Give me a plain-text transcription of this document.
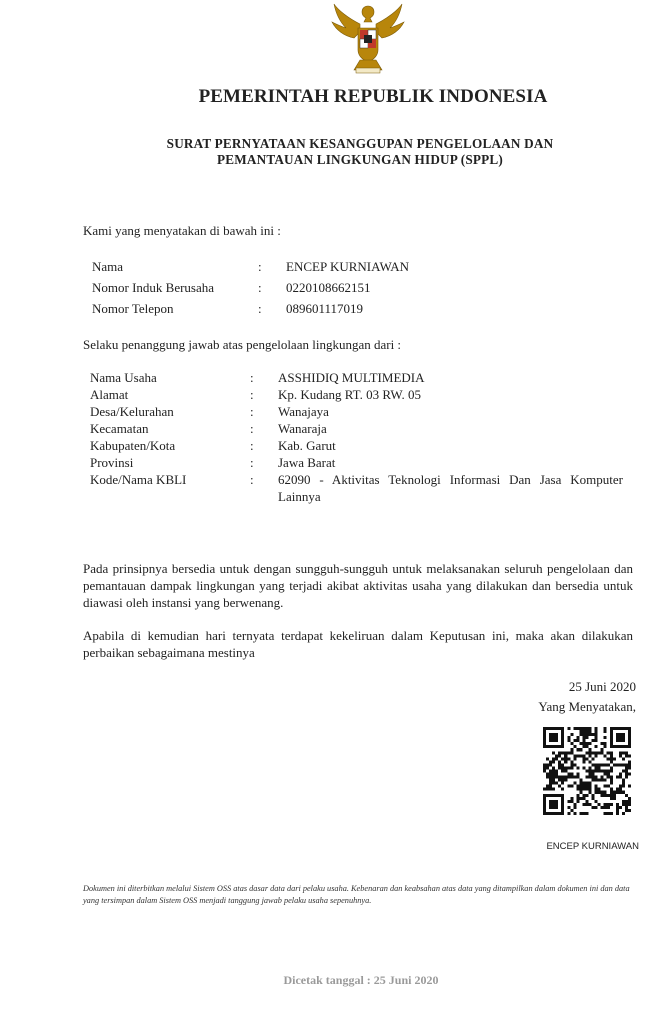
PEMERINTAH REPUBLIK INDONESIA
SURAT PERNYATAAN KESANGGUPAN PENGELOLAAN DAN
PEMANTAUAN LINGKUNGAN HIDUP (SPPL)
Kami yang menyatakan di bawah ini :
Nama	: ENCEP KURNIAWAN
Nomor Induk Berusaha	: 0220108662151
Nomor Telepon	: 089601117019
Selaku penanggung jawab atas pengelolaan lingkungan dari :
Nama Usaha	: ASSHIDIQ MULTIMEDIA
Alamat	: Kp. Kudang RT. 03 RW. 05
Desa/Kelurahan	: Wanajaya
Kecamatan	: Wanaraja
Kabupaten/Kota	: Kab. Garut
Provinsi	: Jawa Barat
Kode/Nama KBLI	: 62090 - Aktivitas Teknologi Informasi Dan Jasa Komputer Lainnya
Pada prinsipnya bersedia untuk dengan sungguh-sungguh untuk melaksanakan seluruh pengelolaan dan pemantauan dampak lingkungan yang terjadi akibat aktivitas usaha yang dilakukan dan bersedia untuk diawasi oleh instansi yang berwenang.
Apabila di kemudian hari ternyata terdapat kekeliruan dalam Keputusan ini, maka akan dilakukan perbaikan sebagaimana mestinya
25 Juni 2020
Yang Menyatakan,
ENCEP KURNIAWAN
Dokumen ini diterbitkan melalui Sistem OSS atas dasar data dari pelaku usaha. Kebenaran dan keabsahan atas data yang ditampilkan dalam dokumen ini dan data yang tersimpan dalam Sistem OSS menjadi tanggung jawab pelaku usaha sepenuhnya.
Dicetak tanggal : 25 Juni 2020
